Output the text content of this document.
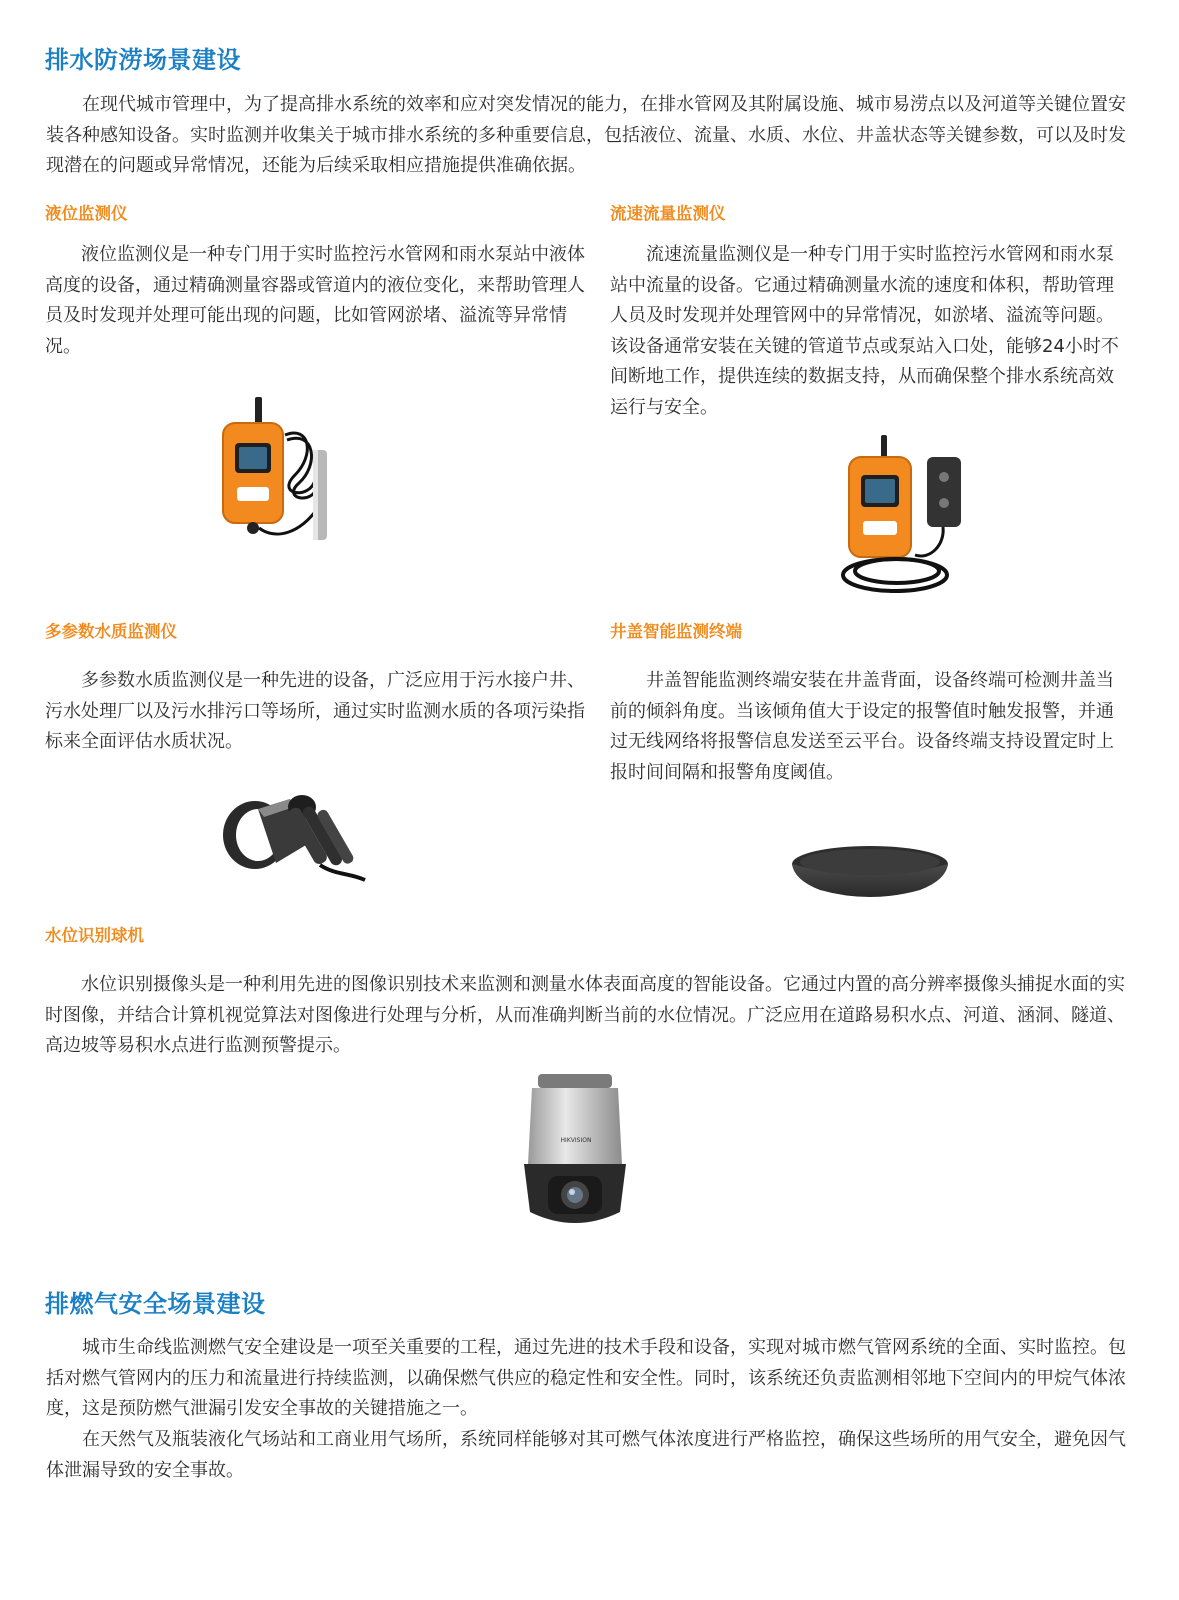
排水防涝场景建设

在现代城市管理中，为了提高排水系统的效率和应对突发情况的能力，在排水管网及其附属设施、城市易涝点以及河道等关键位置安装各种感知设备。实时监测并收集关于城市排水系统的多种重要信息，包括液位、流量、水质、水位、井盖状态等关键参数，可以及时发现潜在的问题或异常情况，还能为后续采取相应措施提供准确依据。

液位监测仪

液位监测仪是一种专门用于实时监控污水管网和雨水泵站中液体高度的设备，通过精确测量容器或管道内的液位变化，来帮助管理人员及时发现并处理可能出现的问题，比如管网淤堵、溢流等异常情况。

流速流量监测仪

流速流量监测仪是一种专门用于实时监控污水管网和雨水泵站中流量的设备。它通过精确测量水流的速度和体积，帮助管理人员及时发现并处理管网中的异常情况，如淤堵、溢流等问题。该设备通常安装在关键的管道节点或泵站入口处，能够24小时不间断地工作，提供连续的数据支持，从而确保整个排水系统高效运行与安全。

多参数水质监测仪

多参数水质监测仪是一种先进的设备，广泛应用于污水接户井、污水处理厂以及污水排污口等场所，通过实时监测水质的各项污染指标来全面评估水质状况。

井盖智能监测终端

井盖智能监测终端安装在井盖背面，设备终端可检测井盖当前的倾斜角度。当该倾角值大于设定的报警值时触发报警，并通过无线网络将报警信息发送至云平台。设备终端支持设置定时上报时间间隔和报警角度阈值。

水位识别球机

水位识别摄像头是一种利用先进的图像识别技术来监测和测量水体表面高度的智能设备。它通过内置的高分辨率摄像头捕捉水面的实时图像，并结合计算机视觉算法对图像进行处理与分析，从而准确判断当前的水位情况。广泛应用在道路易积水点、河道、涵洞、隧道、高边坡等易积水点进行监测预警提示。

HIKVISION
排燃气安全场景建设

城市生命线监测燃气安全建设是一项至关重要的工程，通过先进的技术手段和设备，实现对城市燃气管网系统的全面、实时监控。包括对燃气管网内的压力和流量进行持续监测，以确保燃气供应的稳定性和安全性。同时，该系统还负责监测相邻地下空间内的甲烷气体浓度，这是预防燃气泄漏引发安全事故的关键措施之一。

在天然气及瓶装液化气场站和工商业用气场所，系统同样能够对其可燃气体浓度进行严格监控，确保这些场所的用气安全，避免因气体泄漏导致的安全事故。
